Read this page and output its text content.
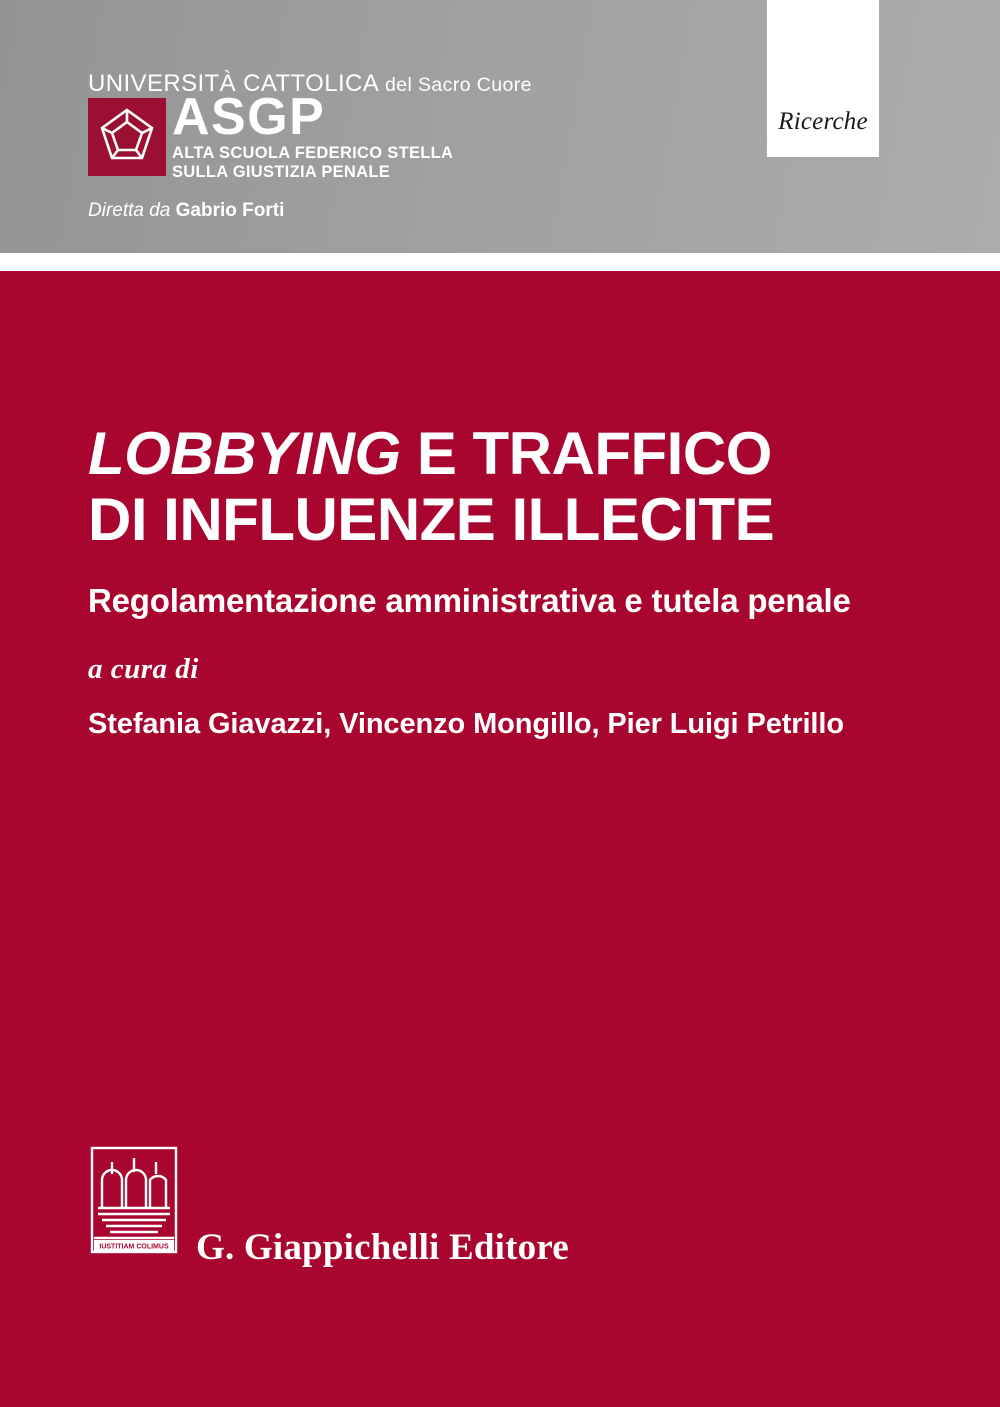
Ricerche
UNIVERSITÀ CATTOLICA del Sacro Cuore
ASGP
ALTA SCUOLA FEDERICO STELLA
SULLA GIUSTIZIA PENALE
Diretta da Gabrio Forti
LOBBYING E TRAFFICO
DI INFLUENZE ILLECITE
Regolamentazione amministrativa e tutela penale
a cura di
Stefania Giavazzi, Vincenzo Mongillo, Pier Luigi Petrillo
IUSTITIAM COLIMUS G. Giappichelli Editore
